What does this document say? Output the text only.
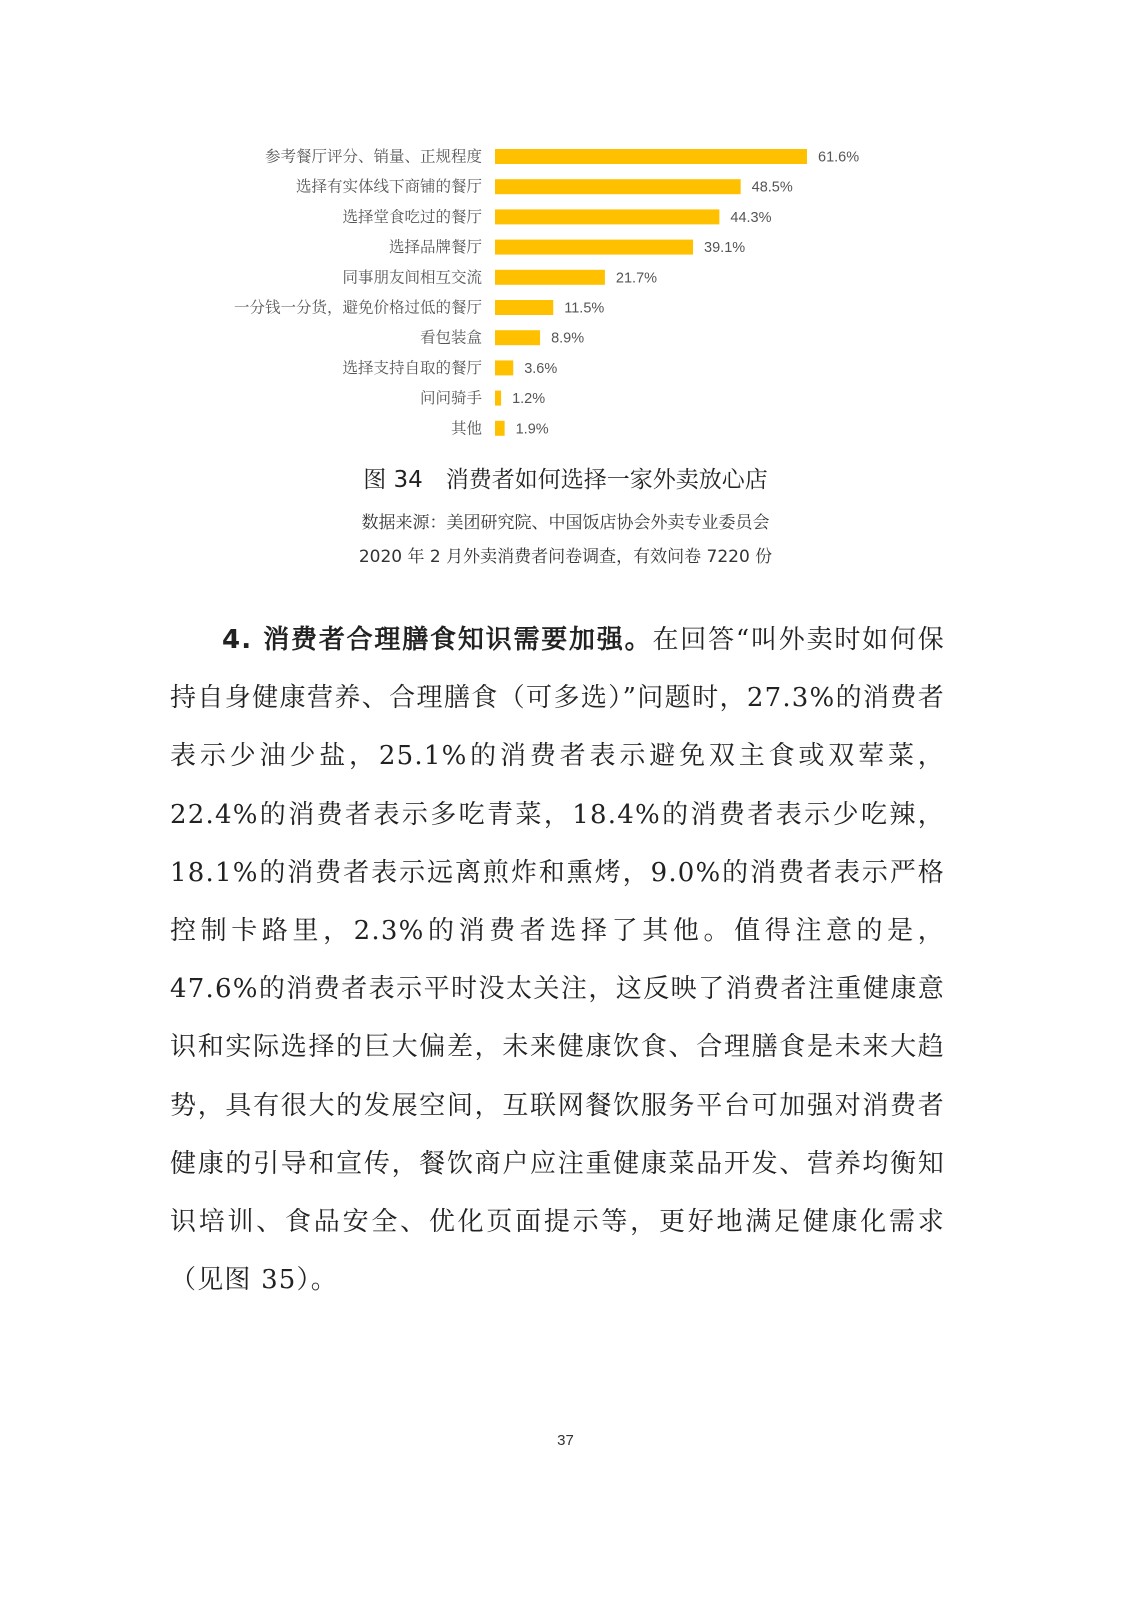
参考餐厅评分、销量、正规程度	61.6%
选择有实体线下商铺的餐厅	48.5%
选择堂食吃过的餐厅	44.3%
选择品牌餐厅	39.1%
同事朋友间相互交流	21.7%
一分钱一分货，避免价格过低的餐厅	11.5%
看包装盒	8.9%
选择支持自取的餐厅	3.6%
问问骑手 1.2%
其他 1.9%
图 34　消费者如何选择一家外卖放心店
数据来源：美团研究院、中国饭店协会外卖专业委员会
2020 年 2 月外卖消费者问卷调查，有效问卷 7220 份

4. 消费者合理膳食知识需要加强。在回答“叫外卖时如何保持自身健康营养、合理膳食（可多选）”问题时，27.3%的消费者表示少油少盐，25.1%的消费者表示避免双主食或双荤菜，22.4%的消费者表示多吃青菜，18.4%的消费者表示少吃辣，18.1%的消费者表示远离煎炸和熏烤，9.0%的消费者表示严格控制卡路里，2.3%的消费者选择了其他。值得注意的是，47.6%的消费者表示平时没太关注，这反映了消费者注重健康意识和实际选择的巨大偏差，未来健康饮食、合理膳食是未来大趋势，具有很大的发展空间，互联网餐饮服务平台可加强对消费者健康的引导和宣传，餐饮商户应注重健康菜品开发、营养均衡知识培训、食品安全、优化页面提示等，更好地满足健康化需求（见图 35）。

37
